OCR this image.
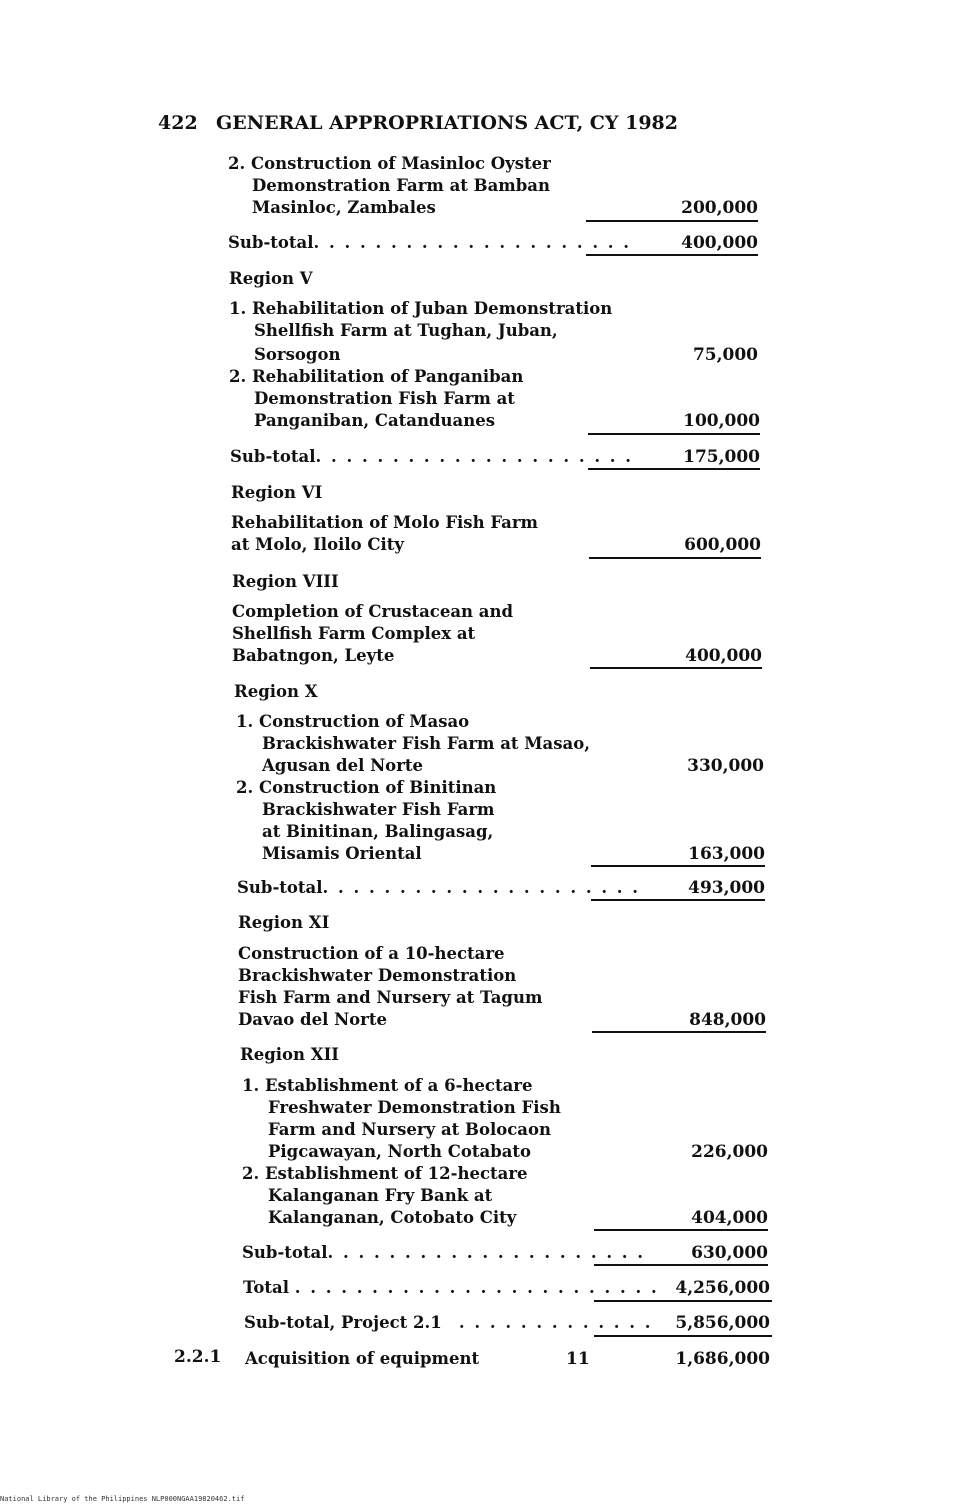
422 GENERAL APPROPRIATIONS ACT, CY 1982
2. Construction of Masinloc Oyster
Demonstration Farm at Bamban
Masinloc, Zambales	200,000
Sub-total. . . . . . . . . . . . . . . . . . . . .	400,000
Region V
1. Rehabilitation of Juban Demonstration
Shellfish Farm at Tughan, Juban,
Sorsogon	75,000
2. Rehabilitation of Panganiban
Demonstration Fish Farm at
Panganiban, Catanduanes	100,000
Sub-total. . . . . . . . . . . . . . . . . . . . .	175,000
Region VI
Rehabilitation of Molo Fish Farm
at Molo, Iloilo City	600,000
Region VIII
Completion of Crustacean and
Shellfish Farm Complex at
Babatngon, Leyte	400,000
Region X
1. Construction of Masao
Brackishwater Fish Farm at Masao,
Agusan del Norte	330,000
2. Construction of Binitinan
Brackishwater Fish Farm
at Binitinan, Balingasag,
Misamis Oriental	163,000
Sub-total. . . . . . . . . . . . . . . . . . . . .	493,000
Region XI
Construction of a 10-hectare
Brackishwater Demonstration
Fish Farm and Nursery at Tagum
Davao del Norte	848,000
Region XII
1. Establishment of a 6-hectare
Freshwater Demonstration Fish
Farm and Nursery at Bolocaon
Pigcawayan, North Cotabato	226,000
2. Establishment of 12-hectare
Kalanganan Fry Bank at
Kalanganan, Cotobato City	404,000
Sub-total. . . . . . . . . . . . . . . . . . . . .	630,000
Total . . . . . . . . . . . . . . . . . . . . . . . . 4,256,000
Sub-total, Project 2.1 . . . . . . . . . . . . .	5,856,000
2.2.1 Acquisition of equipment	11	1,686,000
National Library of the Philippines NLP000NGAA19820462.tif
